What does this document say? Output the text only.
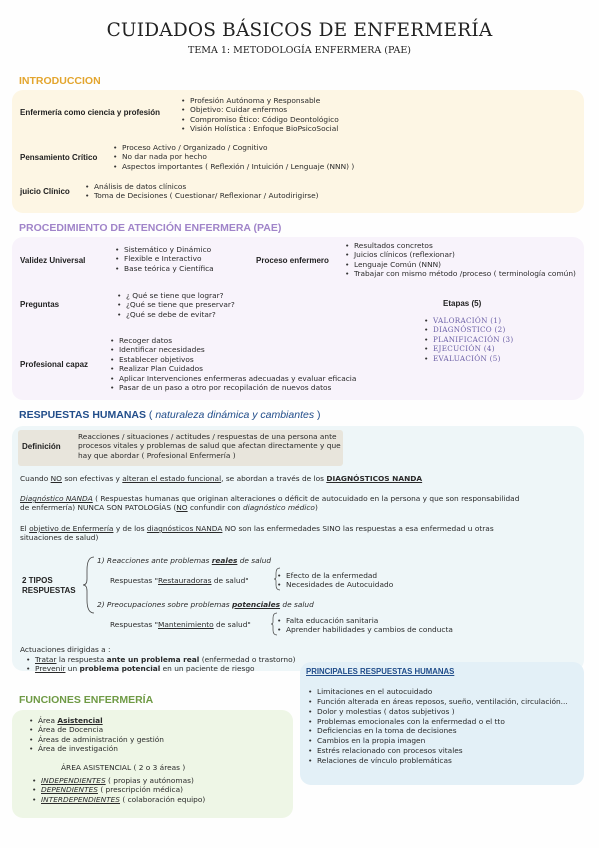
CUIDADOS BÁSICOS DE ENFERMERÍA
TEMA 1: METODOLOGÍA ENFERMERA (PAE)
INTRODUCCION
Enfermería como ciencia y profesión
• Profesión Autónoma y Responsable
• Objetivo: Cuidar enfermos
• Compromiso Ético: Código Deontológico
• Visión Holística : Enfoque BioPsicoSocial
Pensamiento Crítico
• Proceso Activo / Organizado / Cognitivo
• No dar nada por hecho
• Aspectos importantes ( Reflexión / Intuición / Lenguaje (NNN) )
juicio Clínico
• Análisis de datos clínicos
• Toma de Decisiones ( Cuestionar/ Reflexionar / Autodirigirse)
PROCEDIMIENTO DE ATENCIÓN ENFERMERA (PAE)
Validez Universal
• Sistemático y Dinámico
• Flexible e Interactivo
• Base teórica y Científica
Proceso enfermero
• Resultados concretos
• Juicios clínicos (reflexionar)
• Lenguaje Común (NNN)
• Trabajar con mismo método /proceso ( terminología común)
Preguntas
• ¿ Qué se tiene que lograr?
• ¿Qué se tiene que preservar?
• ¿Qué se debe de evitar?
Etapas (5)
• VALORACIÓN (1)
• DIAGNÓSTICO (2)
• PLANIFICACIÓN (3)
• EJECUCIÓN (4)
• EVALUACIÓN (5)
Profesional capaz
• Recoger datos
• Identificar necesidades
• Establecer objetivos
• Realizar Plan Cuidados
• Aplicar Intervenciones enfermeras adecuadas y evaluar eficacia
• Pasar de un paso a otro por recopilación de nuevos datos
RESPUESTAS HUMANAS ( naturaleza dinámica y cambiantes )
Definición
Reacciones / situaciones / actitudes / respuestas de una persona ante
procesos vitales y problemas de salud que afectan directamente y que
hay que abordar ( Profesional Enfermería )
Cuando NO son efectivas y alteran el estado funcional, se abordan a través de los DIAGNÓSTICOS NANDA
Diagnóstico NANDA ( Respuestas humanas que originan alteraciones o déficit de autocuidado en la persona y que son responsabilidad
de enfermería) NUNCA SON PATOLOGÍAS (NO confundir con diagnóstico médico)
El objetivo de Enfermería y de los diagnósticos NANDA NO son las enfermedades SINO las respuestas a esa enfermedad u otras
situaciones de salud)
2 TIPOS
RESPUESTAS
1) Reacciones ante problemas reales de salud
Respuestas "Restauradoras de salud"
• Efecto de la enfermedad
• Necesidades de Autocuidado
2) Preocupaciones sobre problemas potenciales de salud
Respuestas "Mantenimiento de salud"
•	Falta educación sanitaria
• Aprender habilidades y cambios de conducta
Actuaciones dirigidas a :
• Tratar la respuesta ante un problema real (enfermedad o trastorno)
• Prevenir un problema potencial en un paciente de riesgo	PRINCIPALES RESPUESTAS HUMANAS
• Limitaciones en el autocuidado
• Función alterada en áreas reposos, sueño, ventilación, circulación...
• Dolor y molestias ( datos subjetivos )
• Problemas emocionales con la enfermedad o el tto
• Deficiencias en la toma de decisiones
• Cambios en la propia imagen
• Estrés relacionado con procesos vitales
• Relaciones de vínculo problemáticas
FUNCIONES ENFERMERÍA
• Área Asistencial
• Área de Docencia
• Áreas de administración y gestión
• Área de investigación
ÁREA ASISTENCIAL ( 2 o 3 áreas )
• INDEPENDIENTES ( propias y autónomas)
• DEPENDIENTES ( prescripción médica)
• INTERDEPENDIENTES ( colaboración equipo)
